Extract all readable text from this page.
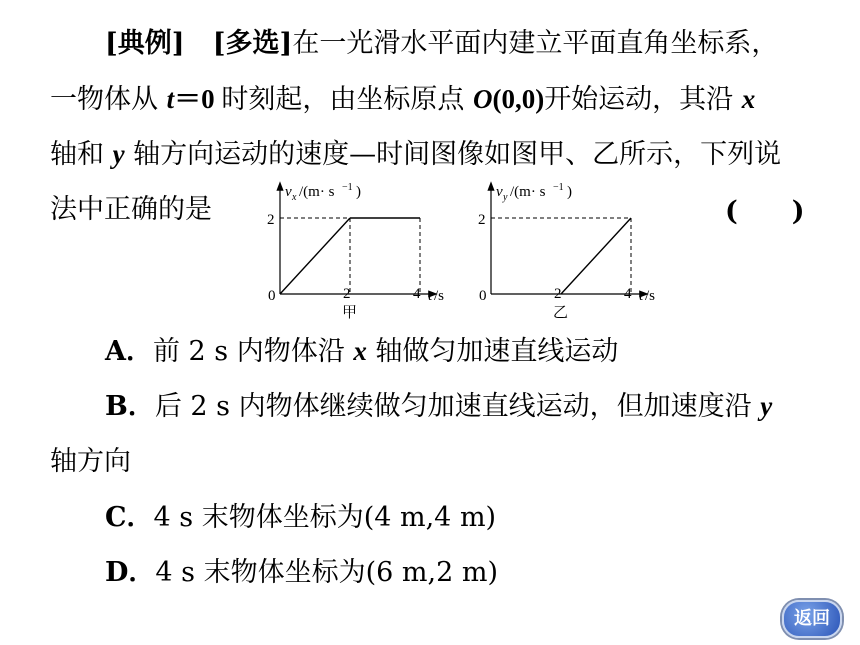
[典例] [多选]在一光滑水平面内建立平面直角坐标系，
一物体从 t＝0 时刻起，由坐标原点 O(0,0)开始运动，其沿 x
轴和 y 轴方向运动的速度—时间图像如图甲、乙所示，下列说
法中正确的是	(　　)
v x /(m· s −1 )
2
0	2	4 t /s
甲
v y /(m· s −1 )
2
0	2	4 t /s
乙
A．前 2 s 内物体沿 x 轴做匀加速直线运动
B．后 2 s 内物体继续做匀加速直线运动，但加速度沿 y
轴方向
C．4 s 末物体坐标为(4 m,4 m)
D．4 s 末物体坐标为(6 m,2 m)
返回
